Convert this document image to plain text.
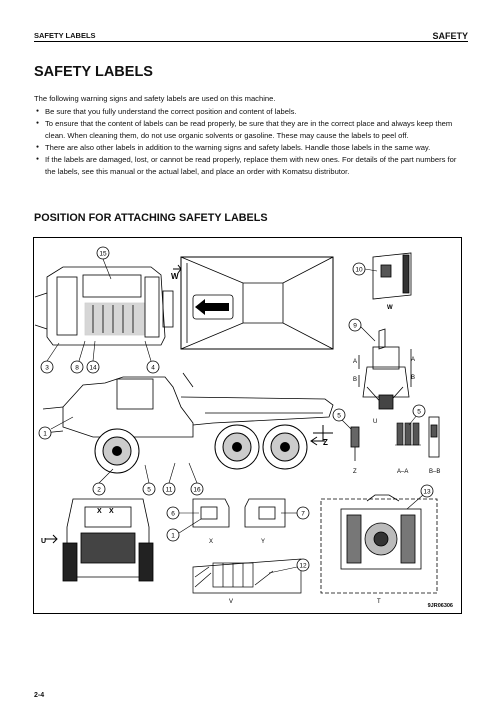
SAFETY LABELS	SAFETY
SAFETY LABELS
The following warning signs and safety labels are used on this machine.
● Be sure that you fully understand the correct position and content of labels.
● To ensure that the content of labels can be read properly, be sure that they are in the correct place and always keep them clean. When cleaning them, do not use organic solvents or gasoline. These may cause the labels to peel off.
● There are also other labels in addition to the warning signs and safety labels. Handle those labels in the same way.
● If the labels are damaged, lost, or cannot be read properly, replace them with new ones. For details of the part numbers for the labels, see this manual or the actual label, and place an order with Komatsu distributor.
POSITION FOR ATTACHING SAFETY LABELS
W
T	W
A	A
B	B
U
Z
Z	A–A	B–B
X X
U	X	Y
V	T
15
3	8 14	4
10
9
1
2	5 11	16
5
5
6	7
1
12
13
9JR06306
2-4
